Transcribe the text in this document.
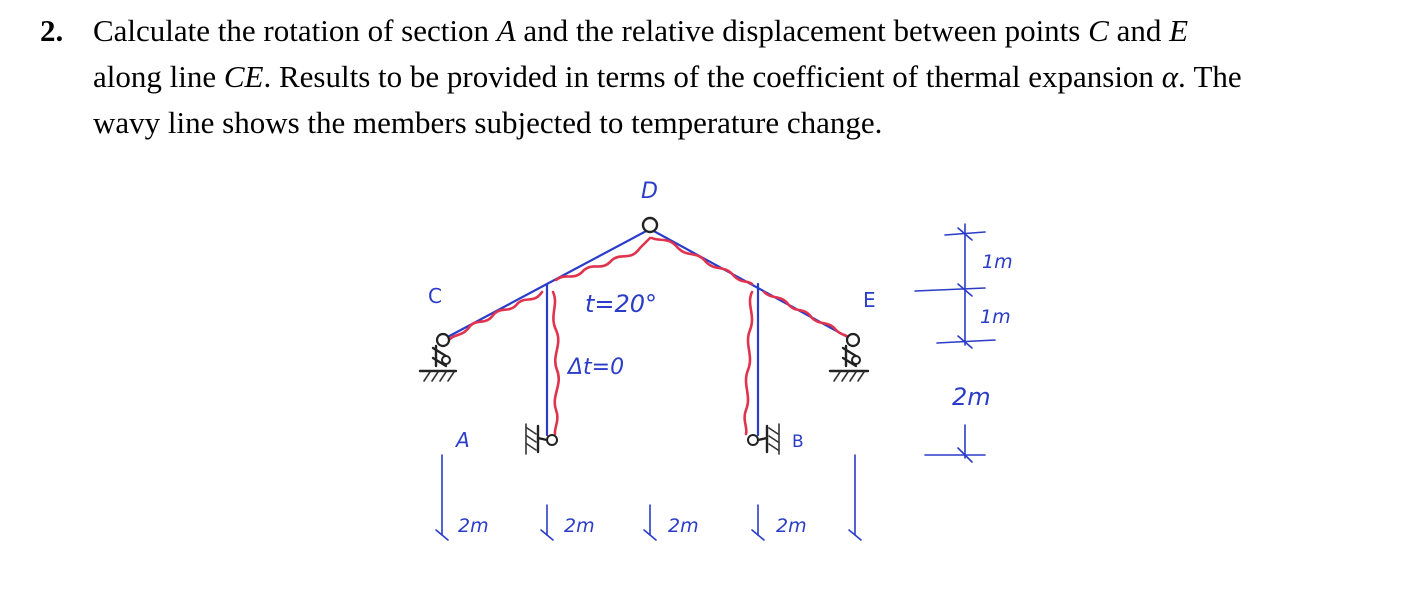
2. Calculate the rotation of section A and the relative displacement between points C and E
along line CE. Results to be provided in terms of the coefficient of thermal expansion α. The
wavy line shows the members subjected to temperature change.
D
C	E
A	B
t=20°
Δt=0
2m	2m	2m	2m
1m
1m
2m
